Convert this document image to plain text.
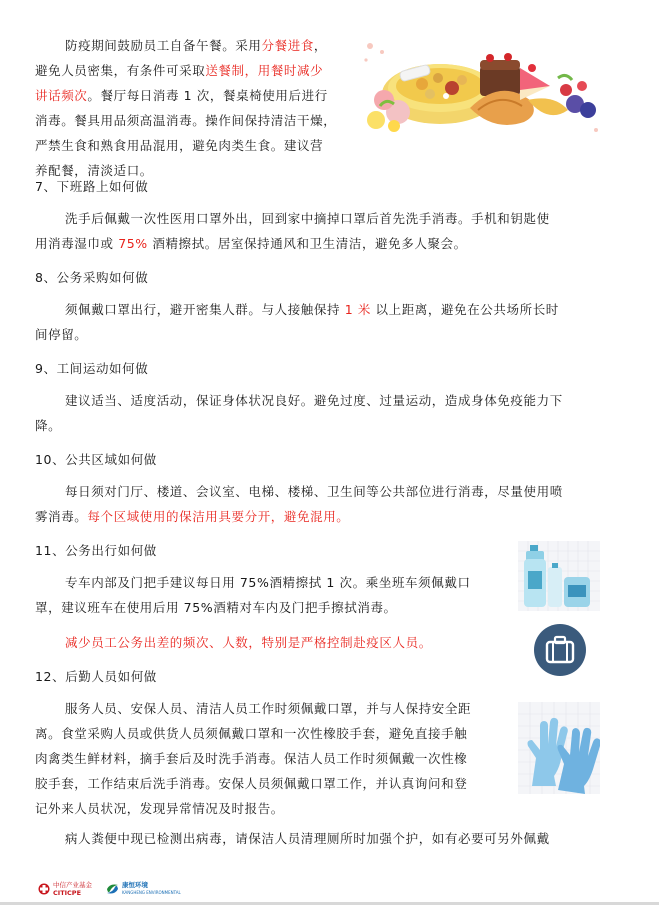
防疫期间鼓励员工自备午餐。采用分餐进食，

避免人员密集，有条件可采取送餐制，用餐时减少

讲话频次。餐厅每日消毒 1 次，餐桌椅使用后进行

消毒。餐具用品须高温消毒。操作间保持清洁干燥，

严禁生食和熟食用品混用，避免肉类生食。建议营

养配餐，清淡适口。

7、下班路上如何做

洗手后佩戴一次性医用口罩外出，回到家中摘掉口罩后首先洗手消毒。手机和钥匙使

用消毒湿巾或 75% 酒精擦拭。居室保持通风和卫生清洁，避免多人聚会。

8、公务采购如何做

须佩戴口罩出行，避开密集人群。与人接触保持 1 米 以上距离，避免在公共场所长时

间停留。

9、工间运动如何做

建议适当、适度活动，保证身体状况良好。避免过度、过量运动，造成身体免疫能力下

降。

10、公共区域如何做

每日须对门厅、楼道、会议室、电梯、楼梯、卫生间等公共部位进行消毒，尽量使用喷

雾消毒。每个区域使用的保洁用具要分开，避免混用。

11、公务出行如何做

专车内部及门把手建议每日用 75%酒精擦拭 1 次。乘坐班车须佩戴口

罩，建议班车在使用后用 75%酒精对车内及门把手擦拭消毒。

减少员工公务出差的频次、人数，特别是严格控制赴疫区人员。

12、后勤人员如何做

服务人员、安保人员、清洁人员工作时须佩戴口罩，并与人保持安全距

离。食堂采购人员或供货人员须佩戴口罩和一次性橡胶手套，避免直接手触

肉禽类生鲜材料，摘手套后及时洗手消毒。保洁人员工作时须佩戴一次性橡

胶手套，工作结束后洗手消毒。安保人员须佩戴口罩工作，并认真询问和登

记外来人员状况，发现异常情况及时报告。

病人粪便中现已检测出病毒，请保洁人员清理厕所时加强个护，如有必要可另外佩戴

中信产业基金
CITICPE
康恒环境
KANGHENG ENVIRONMENTAL
